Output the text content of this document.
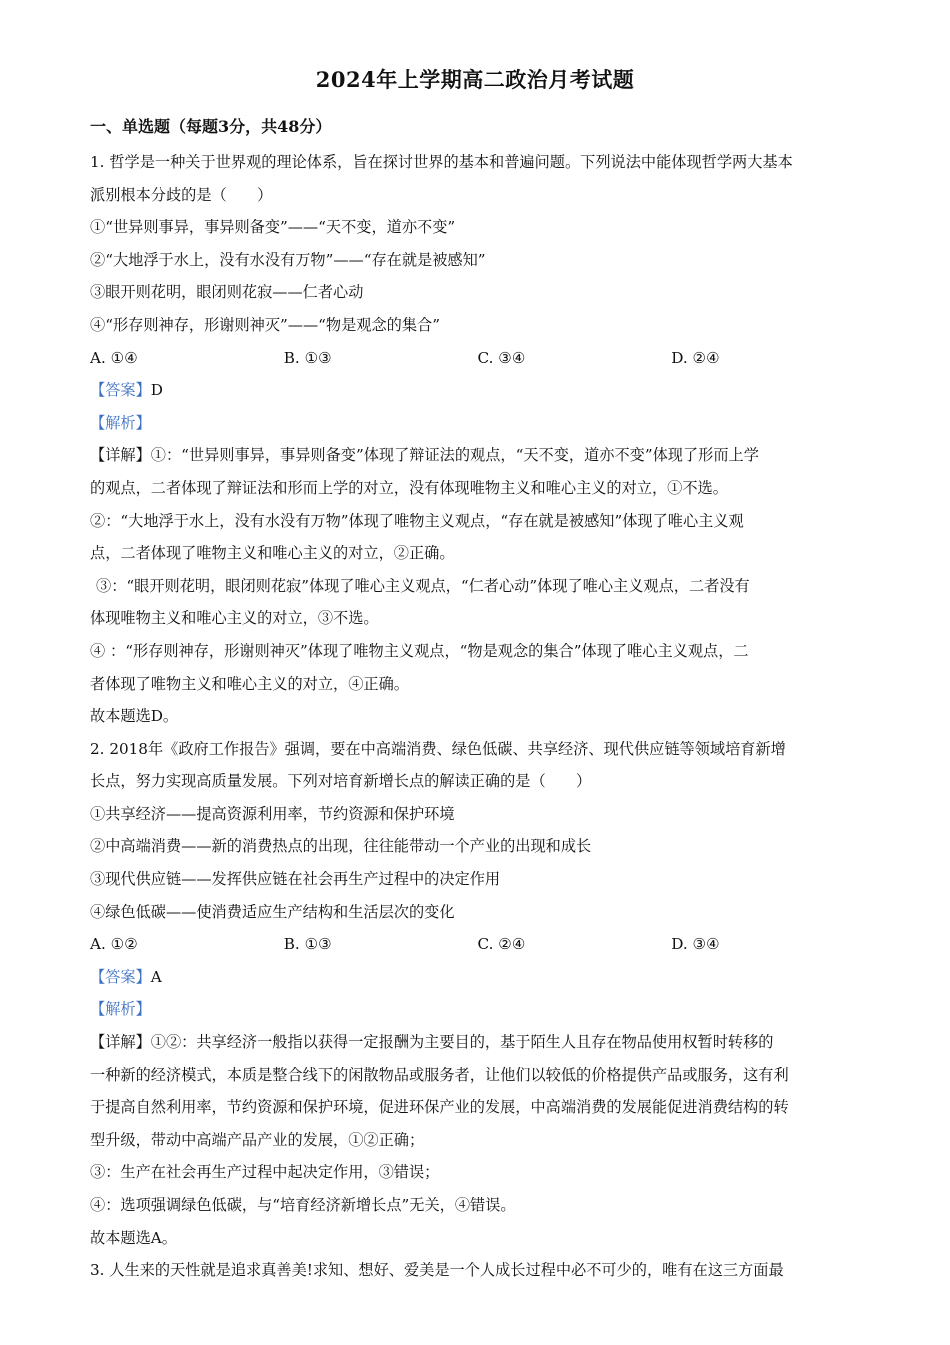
2024年上学期高二政治月考试题
一、单选题（每题3分，共48分）
1. 哲学是一种关于世界观的理论体系，旨在探讨世界的基本和普遍问题。下列说法中能体现哲学两大基本
派别根本分歧的是（　　）
①“世异则事异，事异则备变”——“天不变，道亦不变”
②“大地浮于水上，没有水没有万物”——“存在就是被感知”
③眼开则花明，眼闭则花寂——仁者心动
④“形存则神存，形谢则神灭”——“物是观念的集合”
A. ①④	B. ①③	C. ③④	D. ②④
【答案】D
【解析】
【详解】①：“世异则事异，事异则备变”体现了辩证法的观点，“天不变，道亦不变”体现了形而上学
的观点，二者体现了辩证法和形而上学的对立，没有体现唯物主义和唯心主义的对立，①不选。
②：“大地浮于水上，没有水没有万物”体现了唯物主义观点，“存在就是被感知”体现了唯心主义观
点，二者体现了唯物主义和唯心主义的对立，②正确。
③：“眼开则花明，眼闭则花寂”体现了唯心主义观点，“仁者心动”体现了唯心主义观点，二者没有
体现唯物主义和唯心主义的对立，③不选。
④ ：“形存则神存，形谢则神灭”体现了唯物主义观点，“物是观念的集合”体现了唯心主义观点，二
者体现了唯物主义和唯心主义的对立，④正确。
故本题选D。
2. 2018年《政府工作报告》强调，要在中高端消费、绿色低碳、共享经济、现代供应链等领域培育新增
长点，努力实现高质量发展。下列对培育新增长点的解读正确的是（　　）
①共享经济——提高资源利用率，节约资源和保护环境
②中高端消费——新的消费热点的出现，往往能带动一个产业的出现和成长
③现代供应链——发挥供应链在社会再生产过程中的决定作用
④绿色低碳——使消费适应生产结构和生活层次的变化
A. ①②	B. ①③	C. ②④	D. ③④
【答案】A
【解析】
【详解】①②：共享经济一般指以获得一定报酬为主要目的，基于陌生人且存在物品使用权暂时转移的
一种新的经济模式，本质是整合线下的闲散物品或服务者，让他们以较低的价格提供产品或服务，这有利
于提高自然利用率，节约资源和保护环境，促进环保产业的发展，中高端消费的发展能促进消费结构的转
型升级，带动中高端产品产业的发展，①②正确；
③：生产在社会再生产过程中起决定作用，③错误；
④：选项强调绿色低碳，与“培育经济新增长点”无关，④错误。
故本题选A。
3. 人生来的天性就是追求真善美!求知、想好、爱美是一个人成长过程中必不可少的，唯有在这三方面最
